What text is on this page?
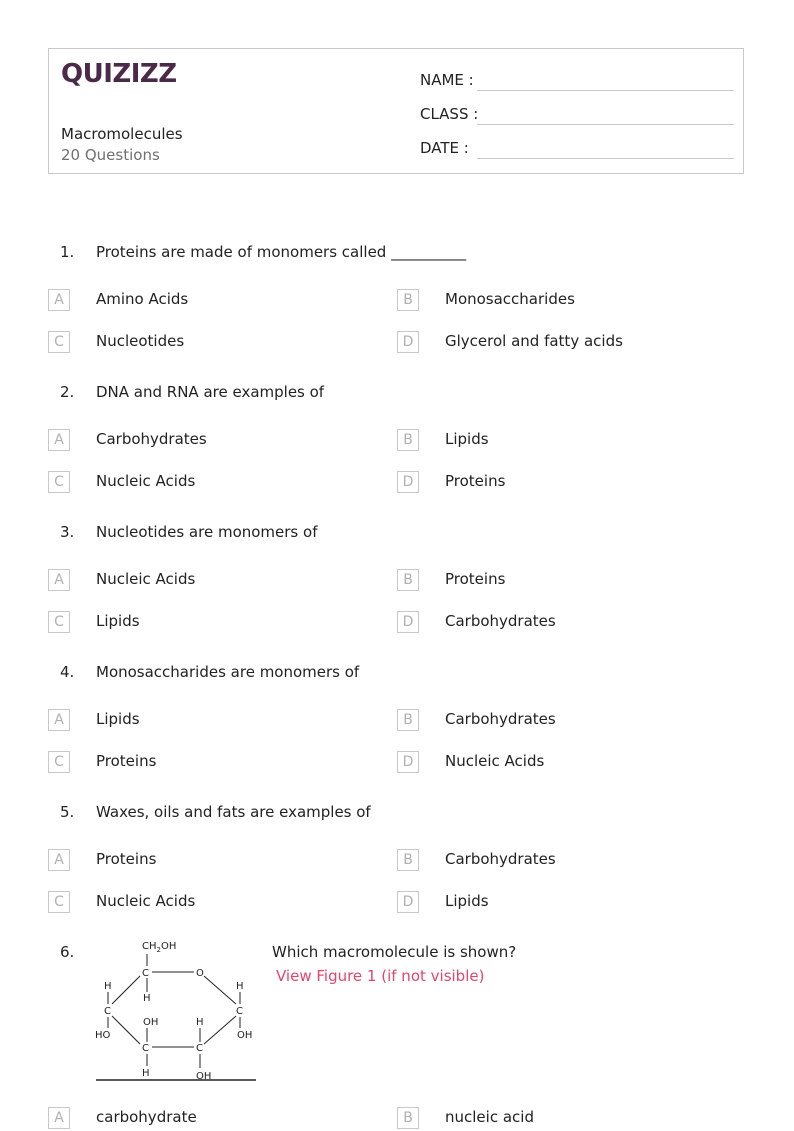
QUIZIZZ
Macromolecules
20 Questions
NAME :
CLASS :
DATE :
1. Proteins are made of monomers called __________
A	Amino Acids	B	Monosaccharides
C	Nucleotides	D	Glycerol and fatty acids
2. DNA and RNA are examples of
A	Carbohydrates	B	Lipids
C	Nucleic Acids	D	Proteins
3. Nucleotides are monomers of
A	Nucleic Acids	B	Proteins
C	Lipids	D	Carbohydrates
4. Monosaccharides are monomers of
A	Lipids	B	Carbohydrates
C	Proteins	D	Nucleic Acids
5. Waxes, oils and fats are examples of
A	Proteins	B	Carbohydrates
C	Nucleic Acids	D	Lipids
6.	Which macromolecule is shown?
View Figure 1 (if not visible)
$CH_2OH$
C	O
H
H
C
H
C
HO	OH
OH	H
C	C
H	OH
A	carbohydrate	B	nucleic acid
